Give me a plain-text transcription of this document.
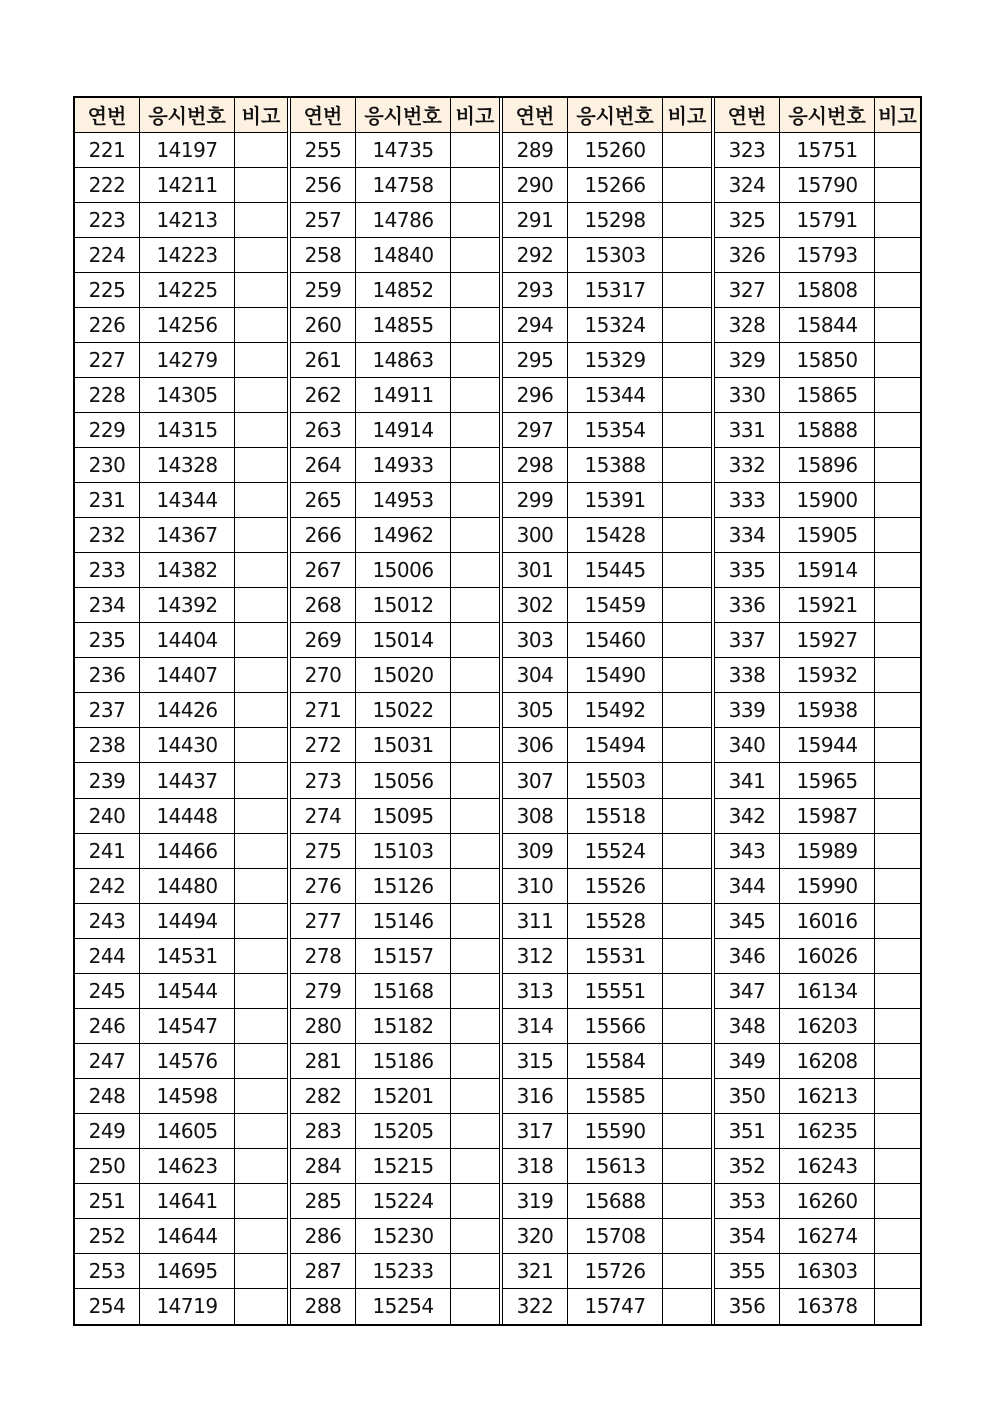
연번	응시번호 비고
221	14197
222	14211
223	14213
224	14223
225	14225
226	14256
227	14279
228	14305
229	14315
230	14328
231	14344
232	14367
233	14382
234	14392
235	14404
236	14407
237	14426
238	14430
239	14437
240	14448
241	14466
242	14480
243	14494
244	14531
245	14544
246	14547
247	14576
248	14598
249	14605
250	14623
251	14641
252	14644
253	14695
254	14719
연번	응시번호 비고
255	14735
256	14758
257	14786
258	14840
259	14852
260	14855
261	14863
262	14911
263	14914
264	14933
265	14953
266	14962
267	15006
268	15012
269	15014
270	15020
271	15022
272	15031
273	15056
274	15095
275	15103
276	15126
277	15146
278	15157
279	15168
280	15182
281	15186
282	15201
283	15205
284	15215
285	15224
286	15230
287	15233
288	15254
연번	응시번호 비고
289	15260
290	15266
291	15298
292	15303
293	15317
294	15324
295	15329
296	15344
297	15354
298	15388
299	15391
300	15428
301	15445
302	15459
303	15460
304	15490
305	15492
306	15494
307	15503
308	15518
309	15524
310	15526
311	15528
312	15531
313	15551
314	15566
315	15584
316	15585
317	15590
318	15613
319	15688
320	15708
321	15726
322	15747
연번	응시번호 비고
323	15751
324	15790
325	15791
326	15793
327	15808
328	15844
329	15850
330	15865
331	15888
332	15896
333	15900
334	15905
335	15914
336	15921
337	15927
338	15932
339	15938
340	15944
341	15965
342	15987
343	15989
344	15990
345	16016
346	16026
347	16134
348	16203
349	16208
350	16213
351	16235
352	16243
353	16260
354	16274
355	16303
356	16378
